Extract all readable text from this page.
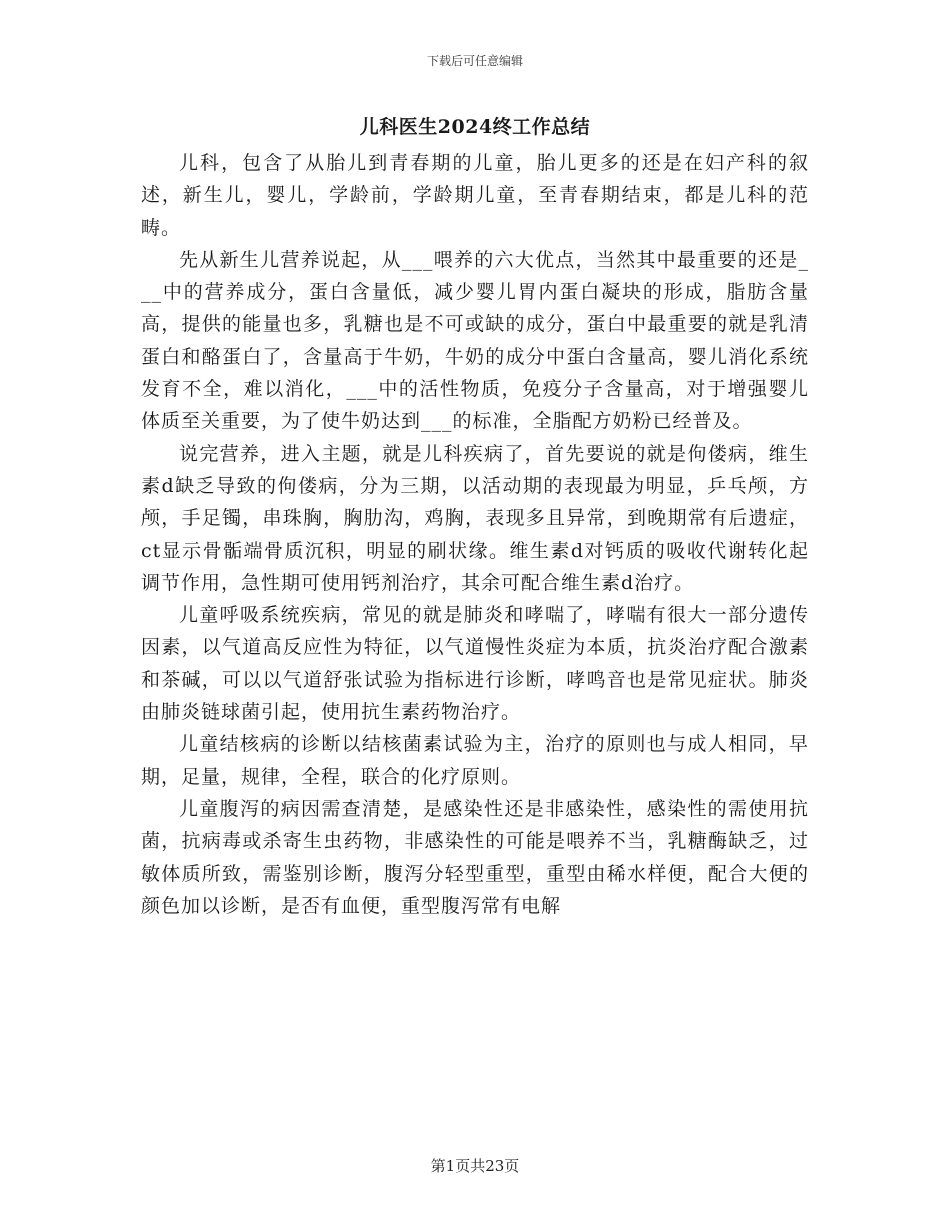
下载后可任意编辑
儿科医生2024终工作总结

儿科，包含了从胎儿到青春期的儿童，胎儿更多的还是在妇产科的叙述，新生儿，婴儿，学龄前，学龄期儿童，至青春期结束，都是儿科的范畴。

先从新生儿营养说起，从___喂养的六大优点，当然其中最重要的还是___中的营养成分，蛋白含量低，减少婴儿胃内蛋白凝块的形成，脂肪含量高，提供的能量也多，乳糖也是不可或缺的成分，蛋白中最重要的就是乳清蛋白和酪蛋白了，含量高于牛奶，牛奶的成分中蛋白含量高，婴儿消化系统发育不全，难以消化，___中的活性物质，免疫分子含量高，对于增强婴儿体质至关重要，为了使牛奶达到___的标准，全脂配方奶粉已经普及。

说完营养，进入主题，就是儿科疾病了，首先要说的就是佝偻病，维生素d缺乏导致的佝偻病，分为三期，以活动期的表现最为明显，乒乓颅，方颅，手足镯，串珠胸，胸肋沟，鸡胸，表现多且异常，到晚期常有后遗症，ct显示骨骺端骨质沉积，明显的刷状缘。维生素d对钙质的吸收代谢转化起调节作用，急性期可使用钙剂治疗，其余可配合维生素d治疗。

儿童呼吸系统疾病，常见的就是肺炎和哮喘了，哮喘有很大一部分遗传因素，以气道高反应性为特征，以气道慢性炎症为本质，抗炎治疗配合激素和茶碱，可以以气道舒张试验为指标进行诊断，哮鸣音也是常见症状。肺炎由肺炎链球菌引起，使用抗生素药物治疗。

儿童结核病的诊断以结核菌素试验为主，治疗的原则也与成人相同，早期，足量，规律，全程，联合的化疗原则。

儿童腹泻的病因需查清楚，是感染性还是非感染性，感染性的需使用抗菌，抗病毒或杀寄生虫药物，非感染性的可能是喂养不当，乳糖酶缺乏，过敏体质所致，需鉴别诊断，腹泻分轻型重型，重型由稀水样便，配合大便的颜色加以诊断，是否有血便，重型腹泻常有电解

第1页共23页
